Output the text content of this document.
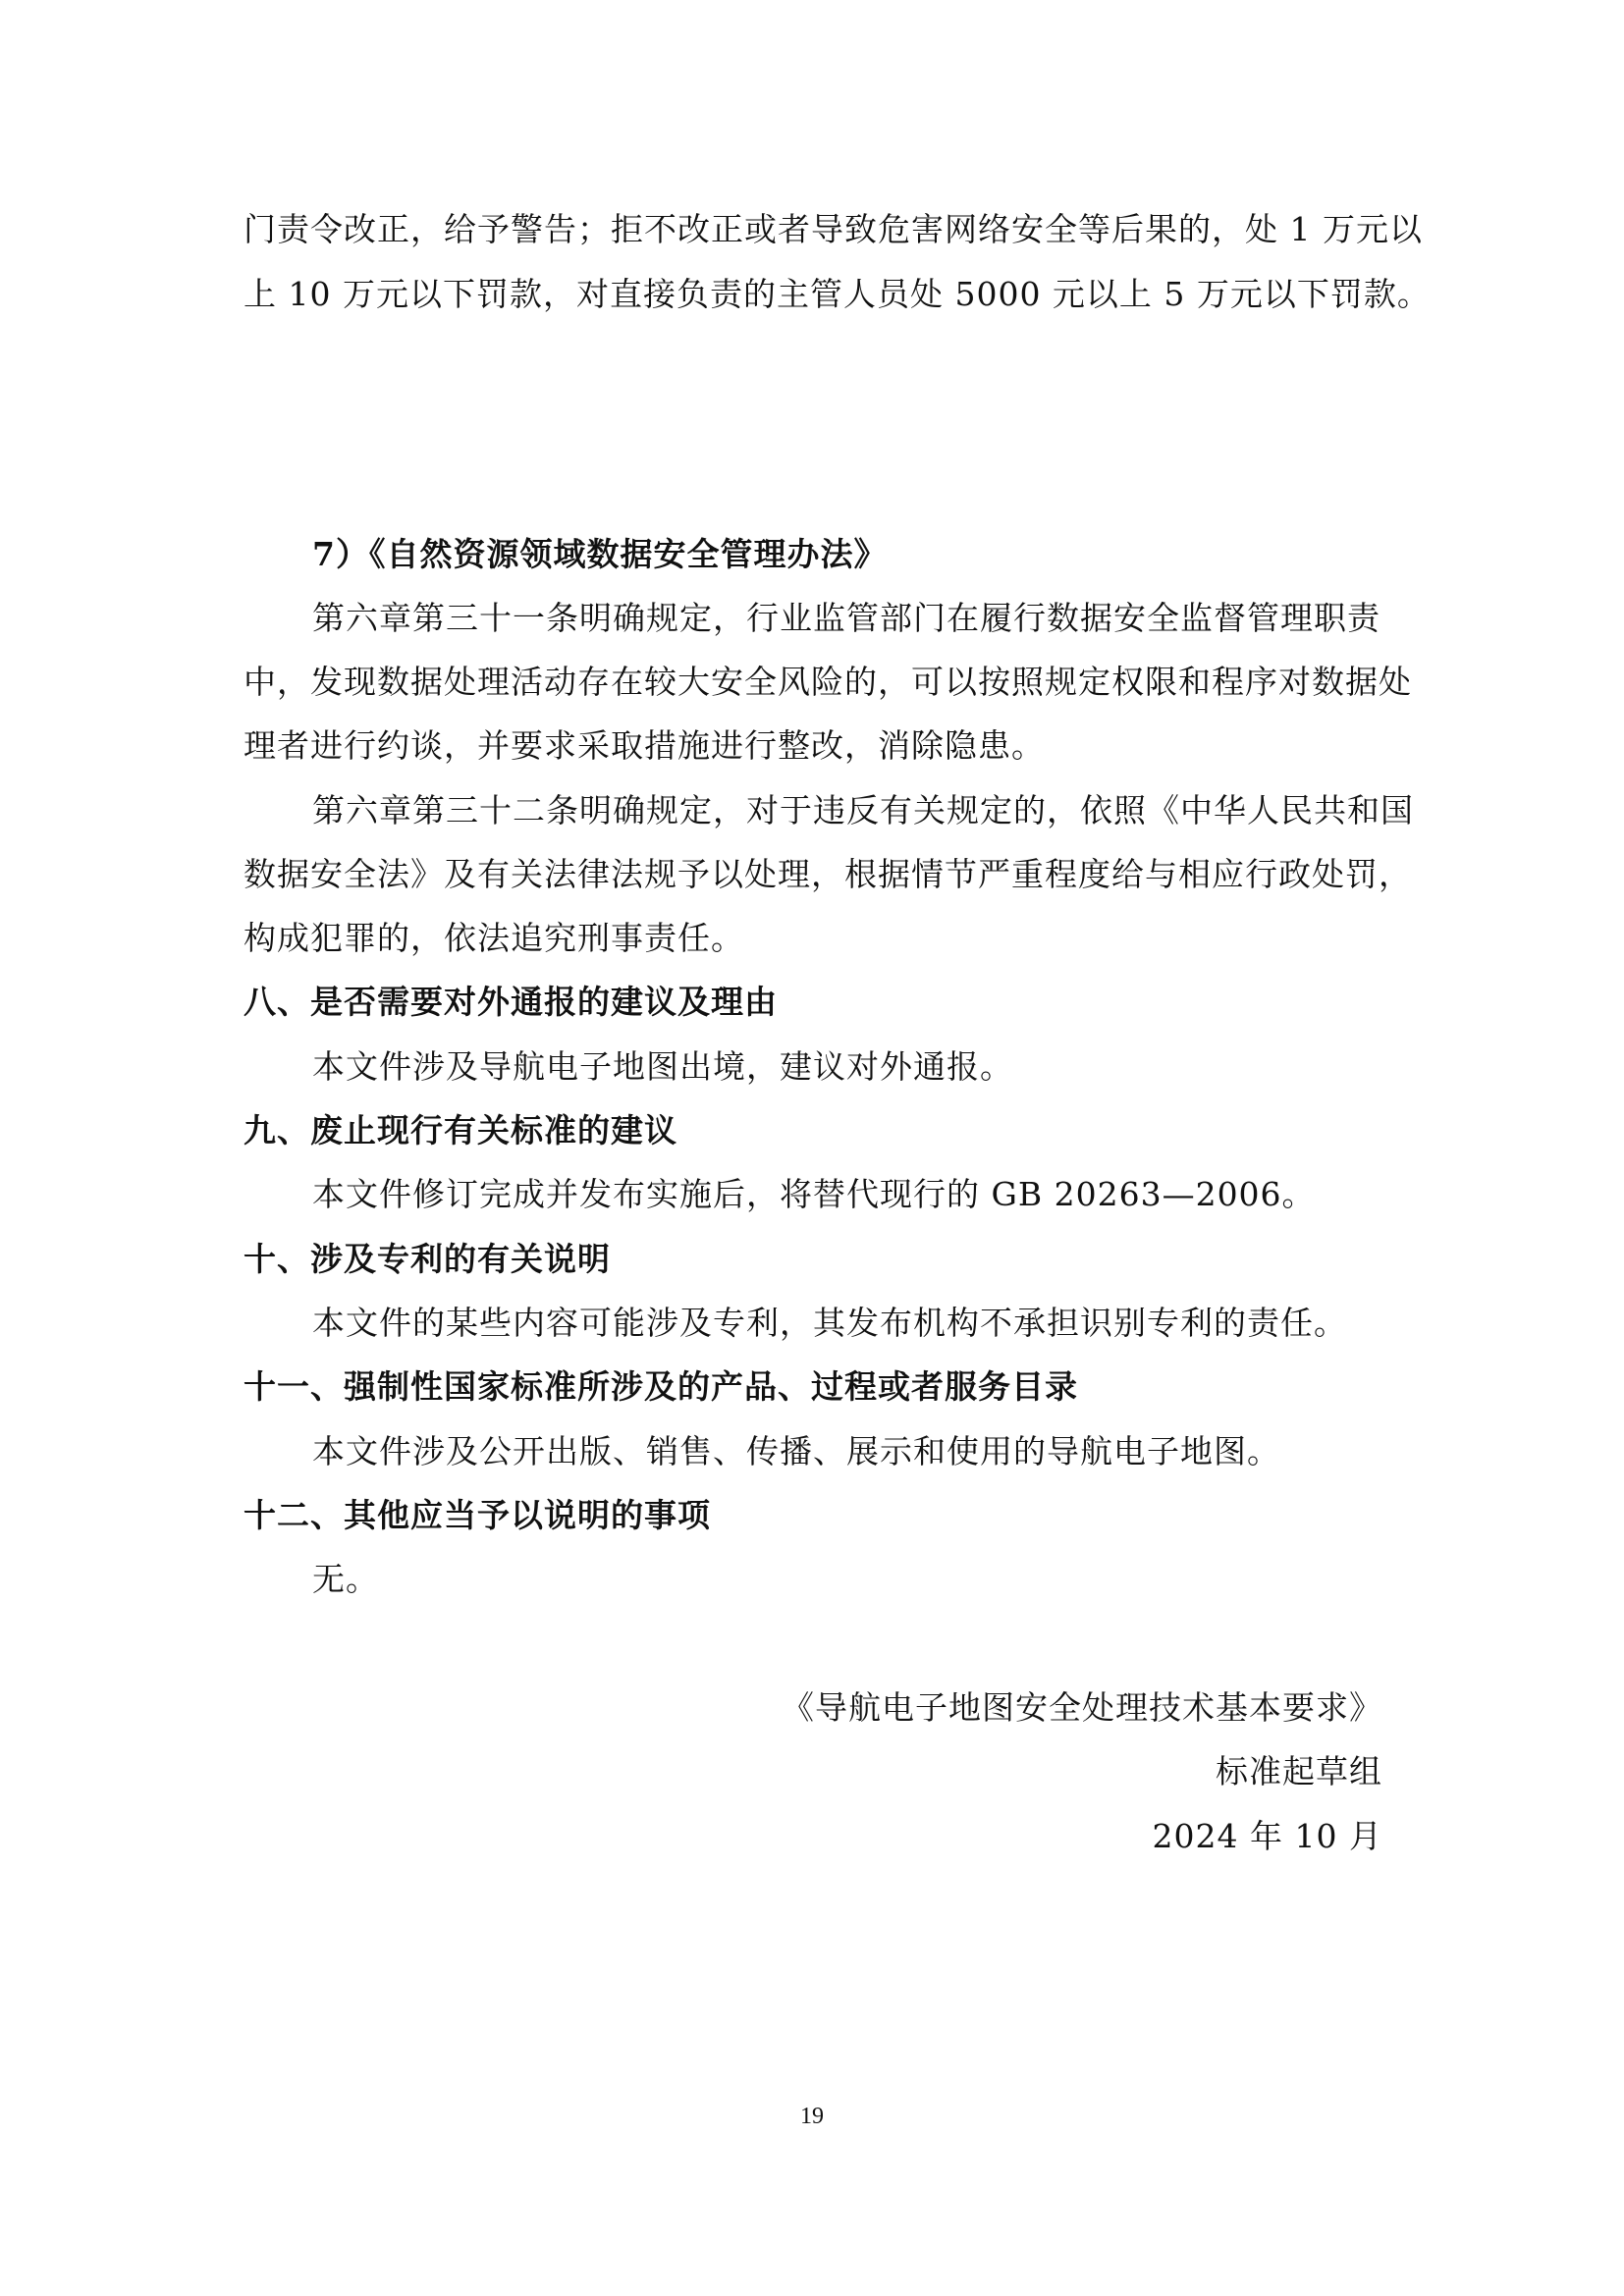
门责令改正，给予警告；拒不改正或者导致危害网络安全等后果的，处 1 万元以
上 10 万元以下罚款，对直接负责的主管人员处 5000 元以上 5 万元以下罚款。
7）《自然资源领域数据安全管理办法》
第六章第三十一条明确规定，行业监管部门在履行数据安全监督管理职责
中，发现数据处理活动存在较大安全风险的，可以按照规定权限和程序对数据处
理者进行约谈，并要求采取措施进行整改，消除隐患。
第六章第三十二条明确规定，对于违反有关规定的，依照《中华人民共和国
数据安全法》及有关法律法规予以处理，根据情节严重程度给与相应行政处罚，
构成犯罪的，依法追究刑事责任。
八、是否需要对外通报的建议及理由
本文件涉及导航电子地图出境，建议对外通报。
九、废止现行有关标准的建议
本文件修订完成并发布实施后，将替代现行的 GB 20263—2006。
十、涉及专利的有关说明
本文件的某些内容可能涉及专利，其发布机构不承担识别专利的责任。
十一、强制性国家标准所涉及的产品、过程或者服务目录
本文件涉及公开出版、销售、传播、展示和使用的导航电子地图。
十二、其他应当予以说明的事项
无。
《导航电子地图安全处理技术基本要求》
标准起草组
2024 年 10 月
19
